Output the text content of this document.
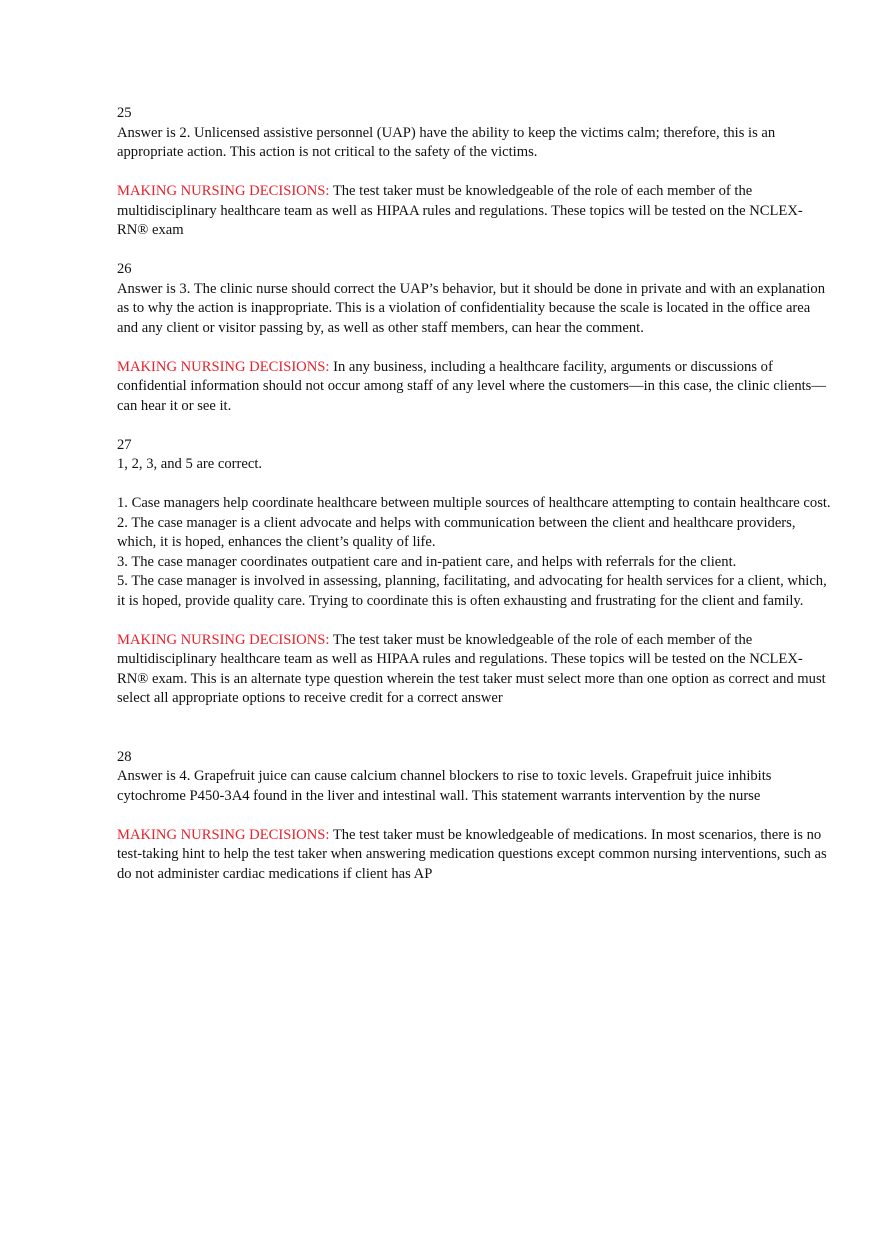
25

Answer is 2. Unlicensed assistive personnel (UAP) have the ability to keep the victims calm; therefore, this is an appropriate action. This action is not critical to the safety of the victims.

MAKING NURSING DECISIONS: The test taker must be knowledgeable of the role of each member of the multidisciplinary healthcare team as well as HIPAA rules and regulations. These topics will be tested on the NCLEX-RN® exam

26

Answer is 3. The clinic nurse should correct the UAP’s behavior, but it should be done in private and with an explanation as to why the action is inappropriate. This is a violation of confidentiality because the scale is located in the office area and any client or visitor passing by, as well as other staff members, can hear the comment.

MAKING NURSING DECISIONS: In any business, including a healthcare facility, arguments or discussions of confidential information should not occur among staff of any level where the customers—in this case, the clinic clients—can hear it or see it.

27

1, 2, 3, and 5 are correct.

1. Case managers help coordinate healthcare between multiple sources of healthcare attempting to contain healthcare cost.

2. The case manager is a client advocate and helps with communication between the client and healthcare providers, which, it is hoped, enhances the client’s quality of life.

3. The case manager coordinates outpatient care and in-patient care, and helps with referrals for the client.

5. The case manager is involved in assessing, planning, facilitating, and advocating for health services for a client, which, it is hoped, provide quality care. Trying to coordinate this is often exhausting and frustrating for the client and family.

MAKING NURSING DECISIONS: The test taker must be knowledgeable of the role of each member of the multidisciplinary healthcare team as well as HIPAA rules and regulations. These topics will be tested on the NCLEX-RN® exam. This is an alternate type question wherein the test taker must select more than one option as correct and must select all appropriate options to receive credit for a correct answer

28

Answer is 4. Grapefruit juice can cause calcium channel blockers to rise to toxic levels. Grapefruit juice inhibits cytochrome P450-3A4 found in the liver and intestinal wall. This statement warrants intervention by the nurse

MAKING NURSING DECISIONS: The test taker must be knowledgeable of medications. In most scenarios, there is no test-taking hint to help the test taker when answering medication questions except common nursing interventions, such as do not administer cardiac medications if client has AP
